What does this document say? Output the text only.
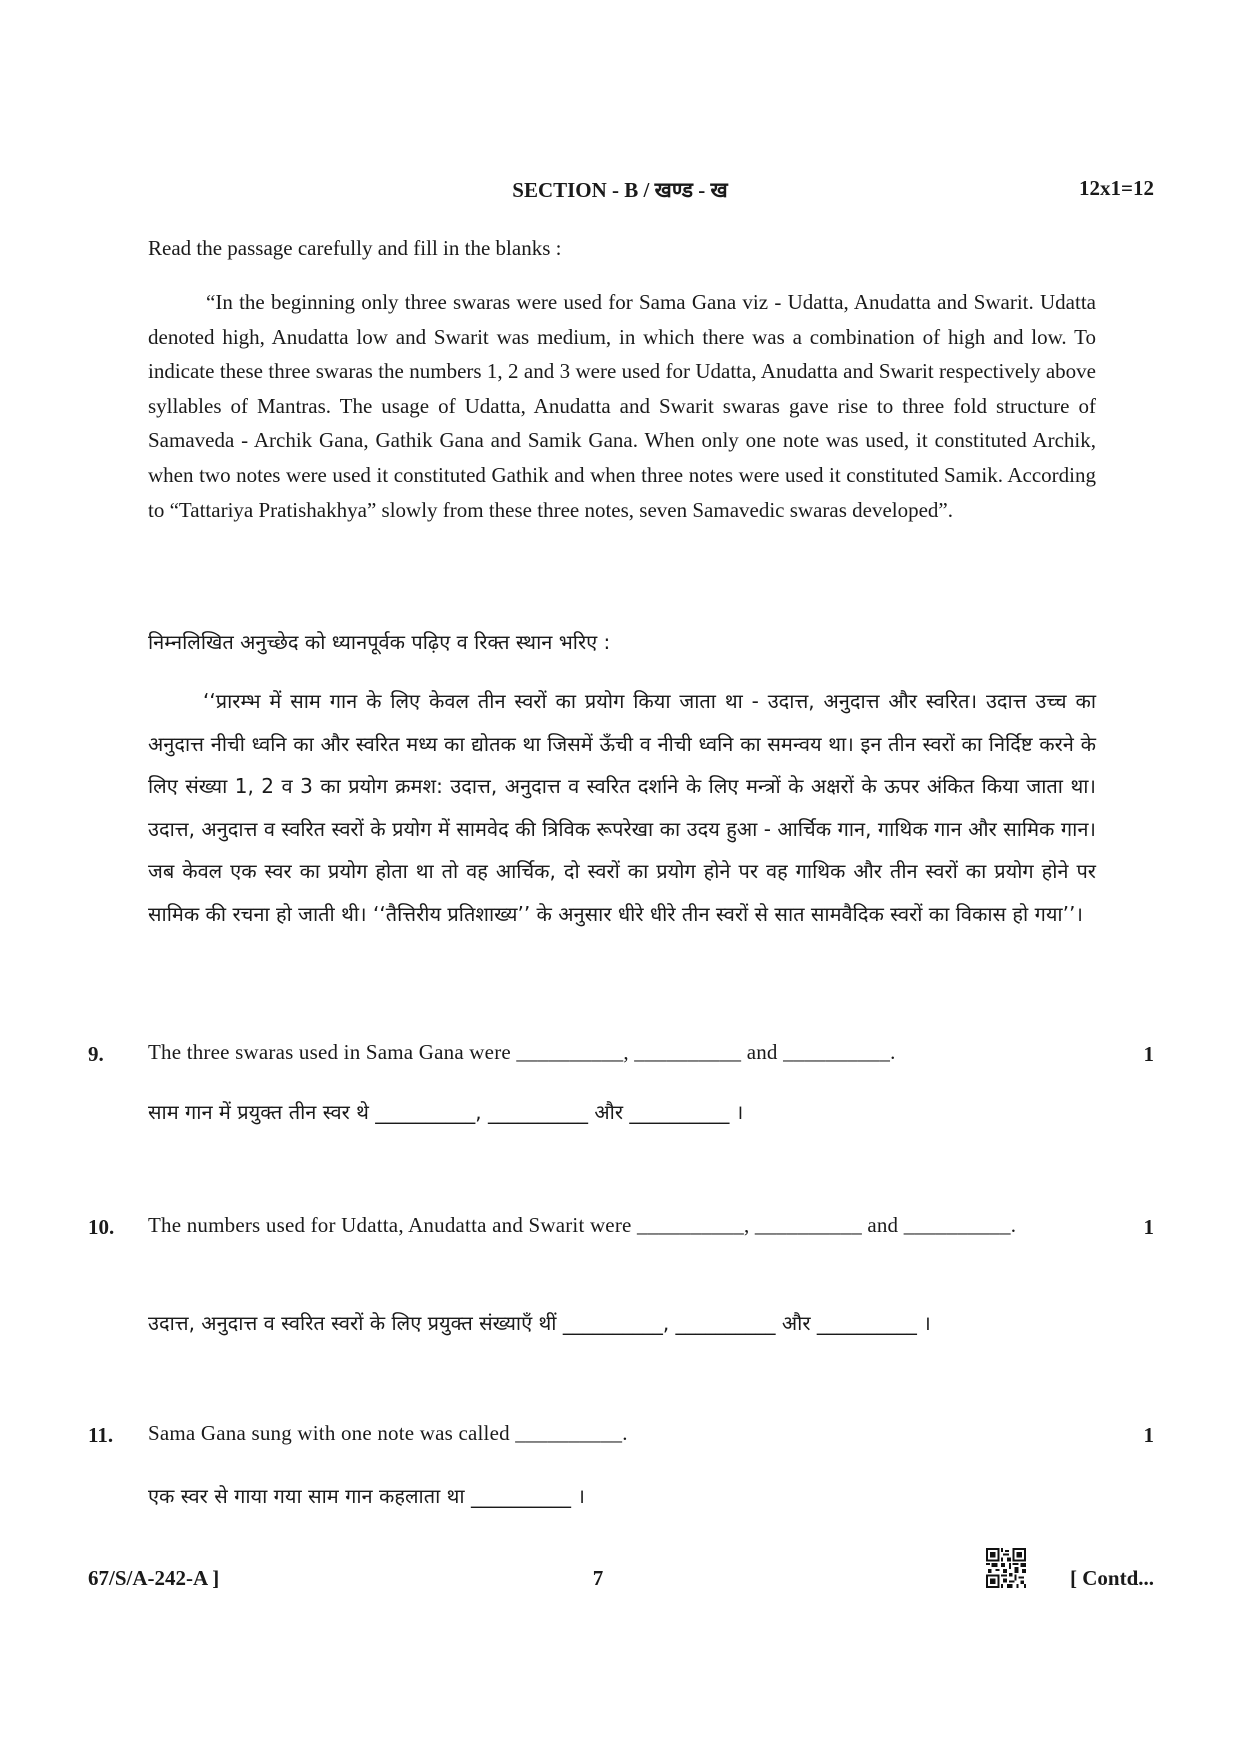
SECTION - B / खण्ड - ख	12x1=12
Read the passage carefully and fill in the blanks :

“In the beginning only three swaras were used for Sama Gana viz - Udatta, Anudatta and Swarit. Udatta denoted high, Anudatta low and Swarit was medium, in which there was a combination of high and low. To indicate these three swaras the numbers 1, 2 and 3 were used for Udatta, Anudatta and Swarit respectively above syllables of Mantras. The usage of Udatta, Anudatta and Swarit swaras gave rise to three fold structure of Samaveda - Archik Gana, Gathik Gana and Samik Gana. When only one note was used, it constituted Archik, when two notes were used it constituted Gathik and when three notes were used it constituted Samik. According to “Tattariya Pratishakhya” slowly from these three notes, seven Samavedic swaras developed”.

निम्नलिखित अनुच्छेद को ध्यानपूर्वक पढ़िए व रिक्त स्थान भरिए :

‘‘प्रारम्भ में साम गान के लिए केवल तीन स्वरों का प्रयोग किया जाता था - उदात्त, अनुदात्त और स्वरित। उदात्त उच्च का अनुदात्त नीची ध्वनि का और स्वरित मध्य का द्योतक था जिसमें ऊँची व नीची ध्वनि का समन्वय था। इन तीन स्वरों का निर्दिष्ट करने के लिए संख्या 1, 2 व 3 का प्रयोग क्रमश: उदात्त, अनुदात्त व स्वरित दर्शाने के लिए मन्त्रों के अक्षरों के ऊपर अंकित किया जाता था। उदात्त, अनुदात्त व स्वरित स्वरों के प्रयोग में सामवेद की त्रिविक रूपरेखा का उदय हुआ - आर्चिक गान, गाथिक गान और सामिक गान। जब केवल एक स्वर का प्रयोग होता था तो वह आर्चिक, दो स्वरों का प्रयोग होने पर वह गाथिक और तीन स्वरों का प्रयोग होने पर सामिक की रचना हो जाती थी। ‘‘तैत्तिरीय प्रतिशाख्य’’ के अनुसार धीरे धीरे तीन स्वरों से सात सामवैदिक स्वरों का विकास हो गया’’।

9. The three swaras used in Sama Gana were __________, __________ and __________.	1
साम गान में प्रयुक्त तीन स्वर थे __________, __________ और __________ ।
10. The numbers used for Udatta, Anudatta and Swarit were __________, __________ and __________.	1
उदात्त, अनुदात्त व स्वरित स्वरों के लिए प्रयुक्त संख्याएँ थीं __________, __________ और __________ ।
11. Sama Gana sung with one note was called __________.	1
एक स्वर से गाया गया साम गान कहलाता था __________ ।
67/S/A-242-A ]	7	[ Contd...
